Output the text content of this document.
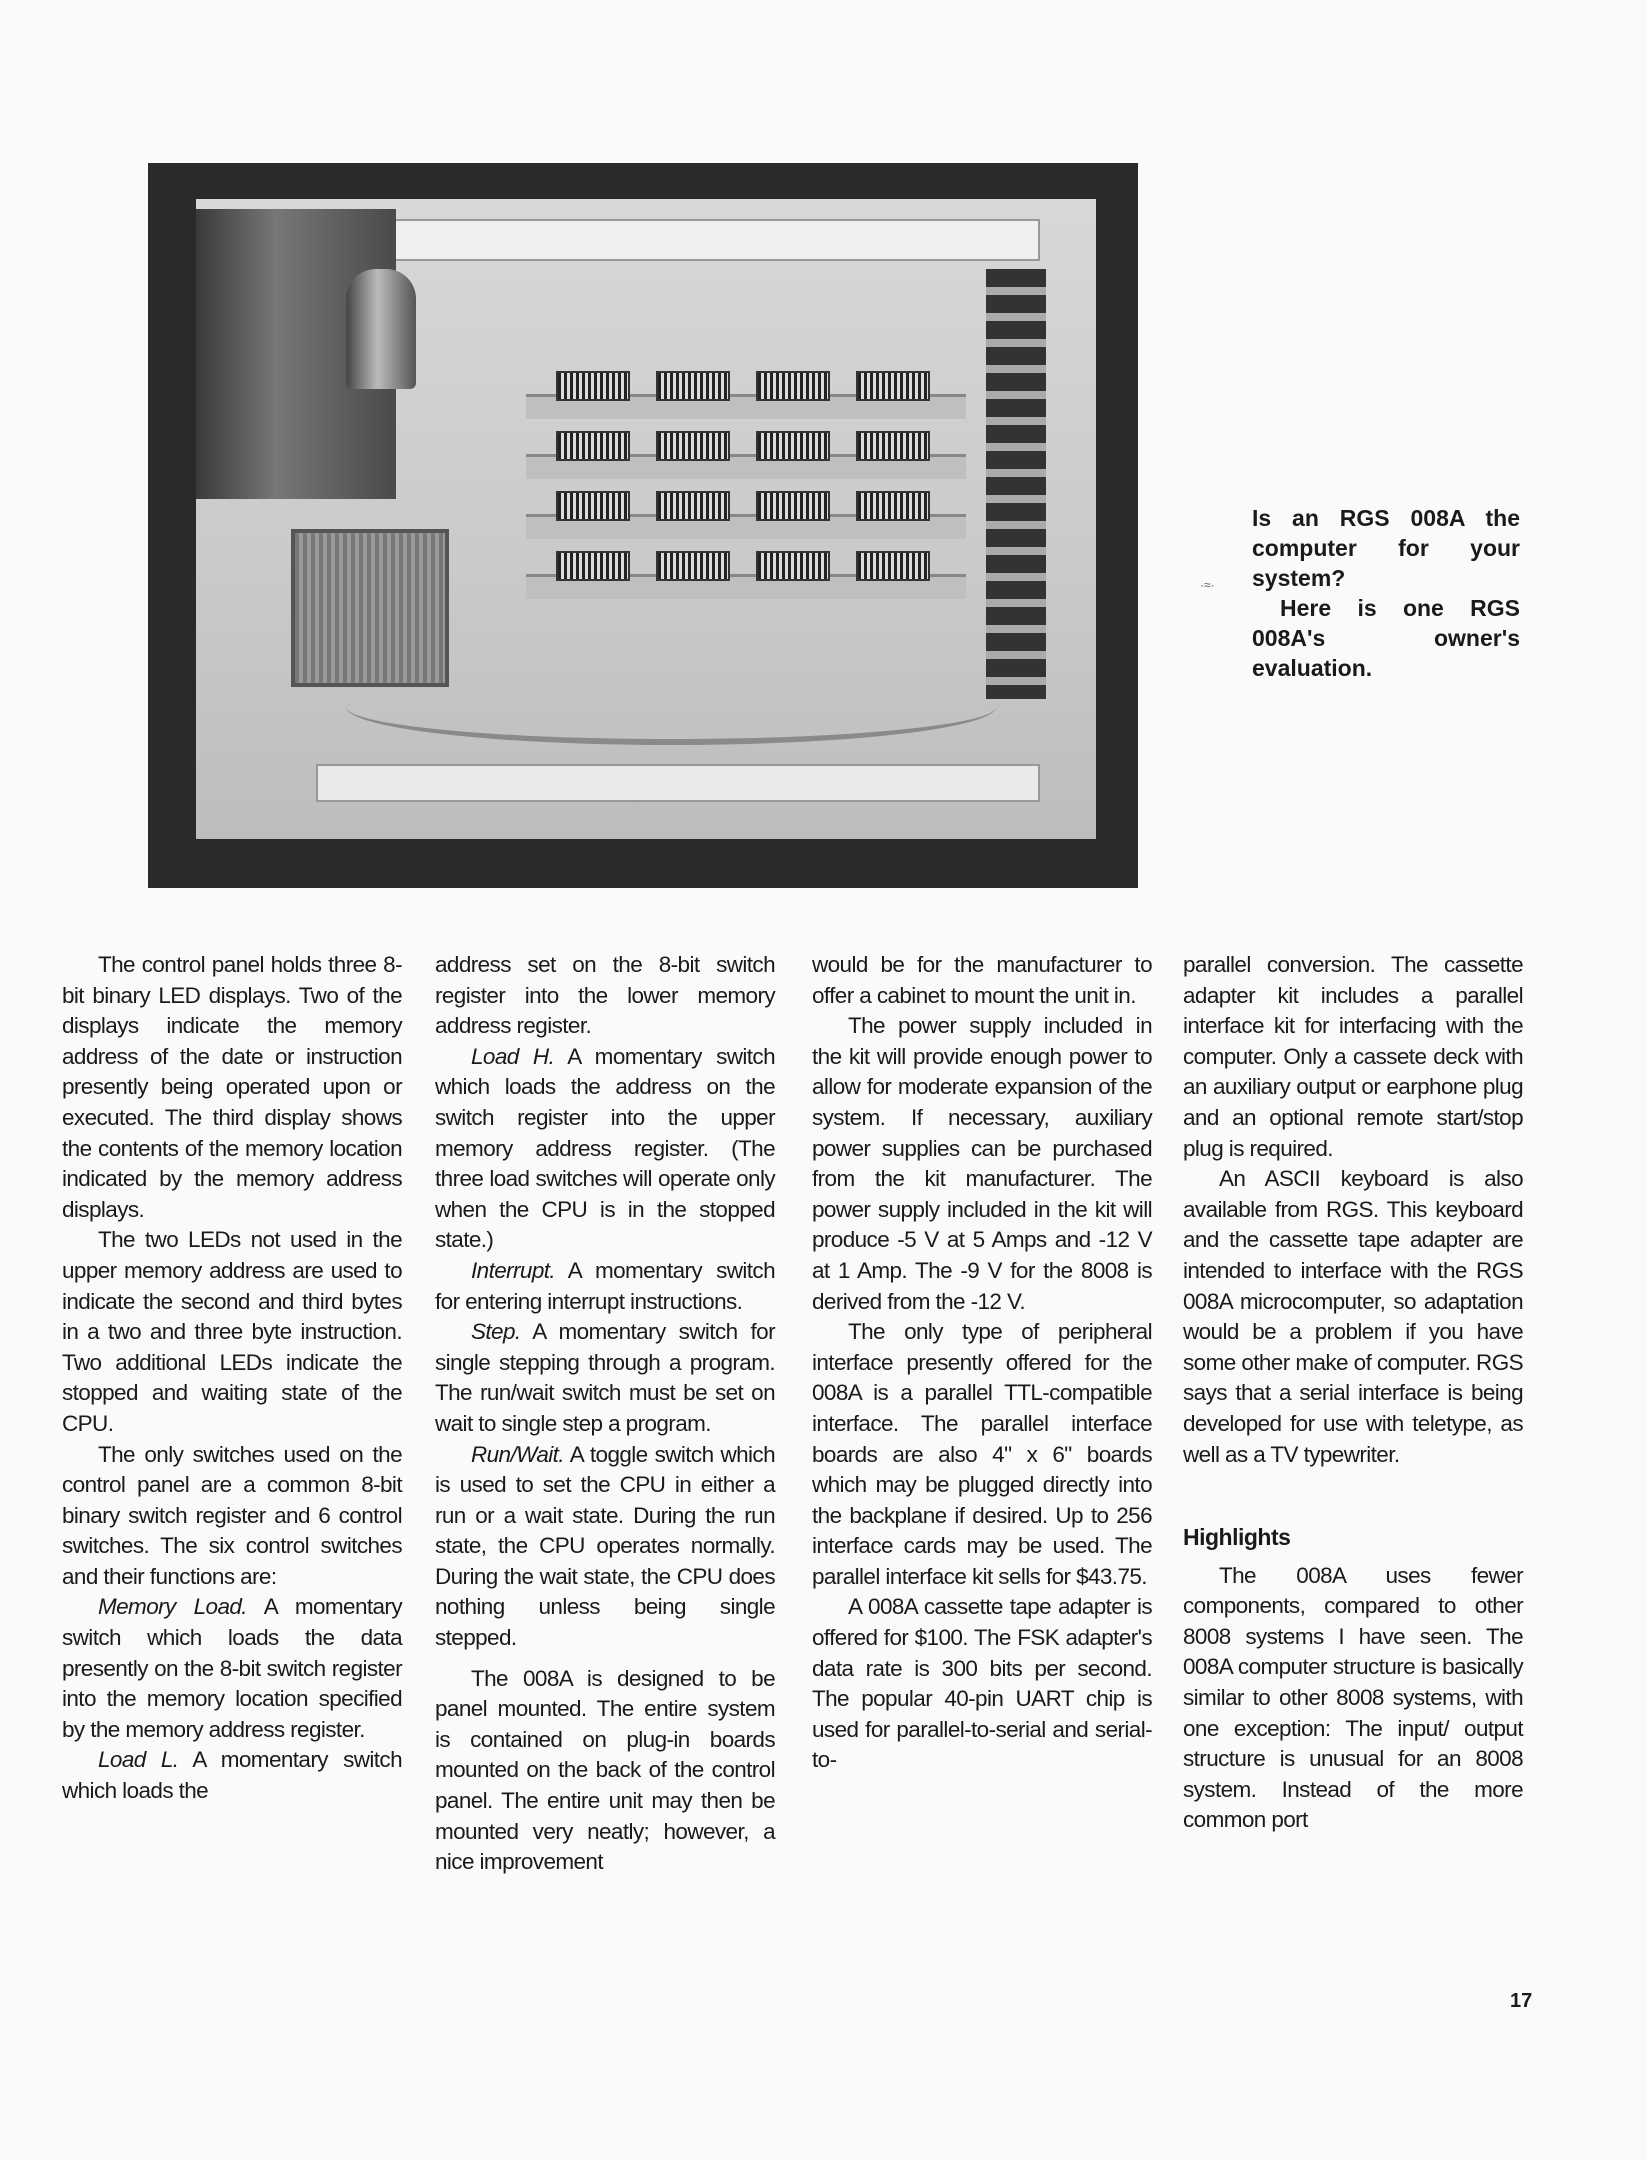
·≈·
Is an RGS 008A the computer for your system?
Here is one RGS 008A's owner's evaluation.

The control panel holds three 8-bit binary LED displays. Two of the displays indicate the memory address of the date or instruction presently being operated upon or executed. The third display shows the contents of the memory location indicated by the memory address displays.

The two LEDs not used in the upper memory address are used to indicate the second and third bytes in a two and three byte instruction. Two additional LEDs indicate the stopped and waiting state of the CPU.

The only switches used on the control panel are a common 8-bit binary switch register and 6 control switches. The six control switches and their functions are:

Memory Load. A momentary switch which loads the data presently on the 8-bit switch register into the memory location specified by the memory address register.

Load L. A momentary switch which loads the

address set on the 8-bit switch register into the lower memory address register.

Load H. A momentary switch which loads the address on the switch register into the upper memory address register. (The three load switches will operate only when the CPU is in the stopped state.)

Interrupt. A momentary switch for entering interrupt instructions.

Step. A momentary switch for single stepping through a program. The run/wait switch must be set on wait to single step a program.

Run/Wait. A toggle switch which is used to set the CPU in either a run or a wait state. During the run state, the CPU operates normally. During the wait state, the CPU does nothing unless being single stepped.

The 008A is designed to be panel mounted. The entire system is contained on plug-in boards mounted on the back of the control panel. The entire unit may then be mounted very neatly; however, a nice improvement

would be for the manufacturer to offer a cabinet to mount the unit in.

The power supply included in the kit will provide enough power to allow for moderate expansion of the system. If necessary, auxiliary power supplies can be purchased from the kit manufacturer. The power supply included in the kit will produce -5 V at 5 Amps and -12 V at 1 Amp. The -9 V for the 8008 is derived from the -12 V.

The only type of peripheral interface presently offered for the 008A is a parallel TTL-compatible interface. The parallel interface boards are also 4" x 6" boards which may be plugged directly into the backplane if desired. Up to 256 interface cards may be used. The parallel interface kit sells for $43.75.

A 008A cassette tape adapter is offered for $100. The FSK adapter's data rate is 300 bits per second. The popular 40-pin UART chip is used for parallel-to-serial and serial-to-

parallel conversion. The cassette adapter kit includes a parallel interface kit for interfacing with the computer. Only a cassete deck with an auxiliary output or earphone plug and an optional remote start/stop plug is required.

An ASCII keyboard is also available from RGS. This keyboard and the cassette tape adapter are intended to interface with the RGS 008A microcomputer, so adaptation would be a problem if you have some other make of computer. RGS says that a serial interface is being developed for use with teletype, as well as a TV typewriter.

Highlights

The 008A uses fewer components, compared to other 8008 systems I have seen. The 008A computer structure is basically similar to other 8008 systems, with one exception: The input/ output structure is unusual for an 8008 system. Instead of the more common port

17
